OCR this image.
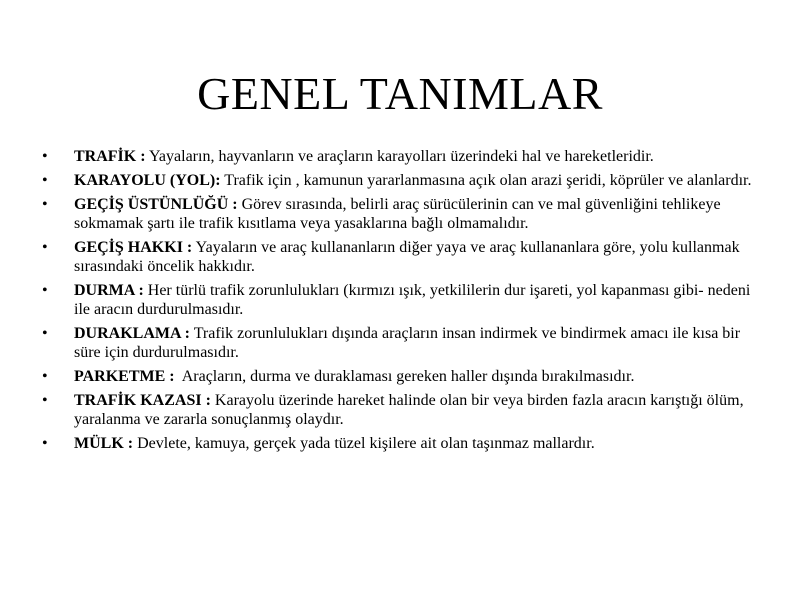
GENEL TANIMLAR
• TRAFİK : Yayaların, hayvanların ve araçların karayolları üzerindeki hal ve hareketleridir.
• KARAYOLU (YOL): Trafik için , kamunun yararlanmasına açık olan arazi şeridi, köprüler ve alanlardır.
• GEÇİŞ ÜSTÜNLÜĞÜ : Görev sırasında, belirli araç sürücülerinin can ve mal güvenliğini tehlikeye sokmamak şartı ile trafik kısıtlama veya yasaklarına bağlı olmamalıdır.
• GEÇİŞ HAKKI : Yayaların ve araç kullananların diğer yaya ve araç kullananlara göre, yolu kullanmak sırasındaki öncelik hakkıdır.
• DURMA : Her türlü trafik zorunlulukları (kırmızı ışık, yetkililerin dur işareti, yol kapanması gibi- nedeni ile aracın durdurulmasıdır.
• DURAKLAMA : Trafik zorunlulukları dışında araçların insan indirmek ve bindirmek amacı ile kısa bir süre için durdurulmasıdır.
• PARKETME :  Araçların, durma ve duraklaması gereken haller dışında bırakılmasıdır.
• TRAFİK KAZASI : Karayolu üzerinde hareket halinde olan bir veya birden fazla aracın karıştığı ölüm, yaralanma ve zararla sonuçlanmış olaydır.
• MÜLK : Devlete, kamuya, gerçek yada tüzel kişilere ait olan taşınmaz mallardır.
